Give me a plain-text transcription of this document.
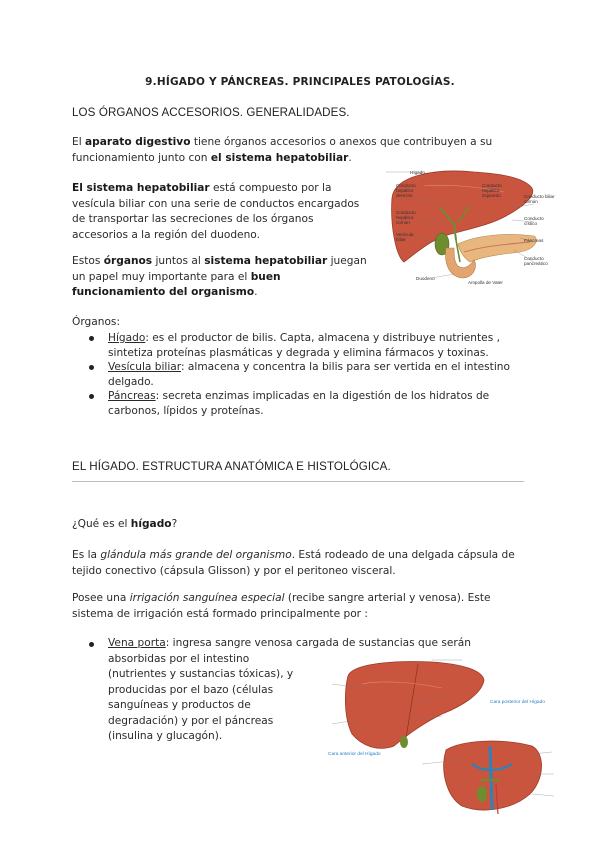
9.HÍGADO Y PÁNCREAS. PRINCIPALES PATOLOGÍAS.
LOS ÓRGANOS ACCESORIOS. GENERALIDADES.
El aparato digestivo tiene órganos accesorios o anexos que contribuyen a su funcionamiento junto con el sistema hepatobiliar.
El sistema hepatobiliar está compuesto por la vesícula biliar con una serie de conductos encargados de transportar las secreciones de los órganos accesorios a la región del duodeno.
Estos órganos juntos al sistema hepatobiliar juegan un papel muy importante para el buen funcionamiento del organismo.
Hígado
Conducto hepático derecho
Conducto hepático izquierdo
Conducto hepático común
Conducto biliar común
Conducto cístico
Vesícula biliar	Páncreas
Conducto pancreático
Duodeno
Ampolla de Vater
Órganos:
Hígado: es el productor de bilis. Capta, almacena y distribuye nutrientes , sintetiza proteínas plasmáticas y degrada y elimina fármacos y toxinas.
Vesícula biliar: almacena y concentra la bilis para ser vertida en el intestino delgado.
Páncreas: secreta enzimas implicadas en la digestión de los hidratos de carbonos, lípidos y proteínas.
EL HÍGADO. ESTRUCTURA ANATÓMICA E HISTOLÓGICA.
¿Qué es el hígado?
Es la glándula más grande del organismo. Está rodeado de una delgada cápsula de tejido conectivo (cápsula Glisson) y por el peritoneo visceral.
Posee una irrigación sanguínea especial (recibe sangre arterial y venosa). Este sistema de irrigación está formado principalmente por :
Vena porta: ingresa sangre venosa cargada de sustancias que serán
absorbidas por el intestino (nutrientes y sustancias tóxicas), y producidas por el bazo (células sanguíneas y productos de degradación) y por el páncreas (insulina y glucagón).
Cara anterior del Hígado
Cara posterior del Hígado
